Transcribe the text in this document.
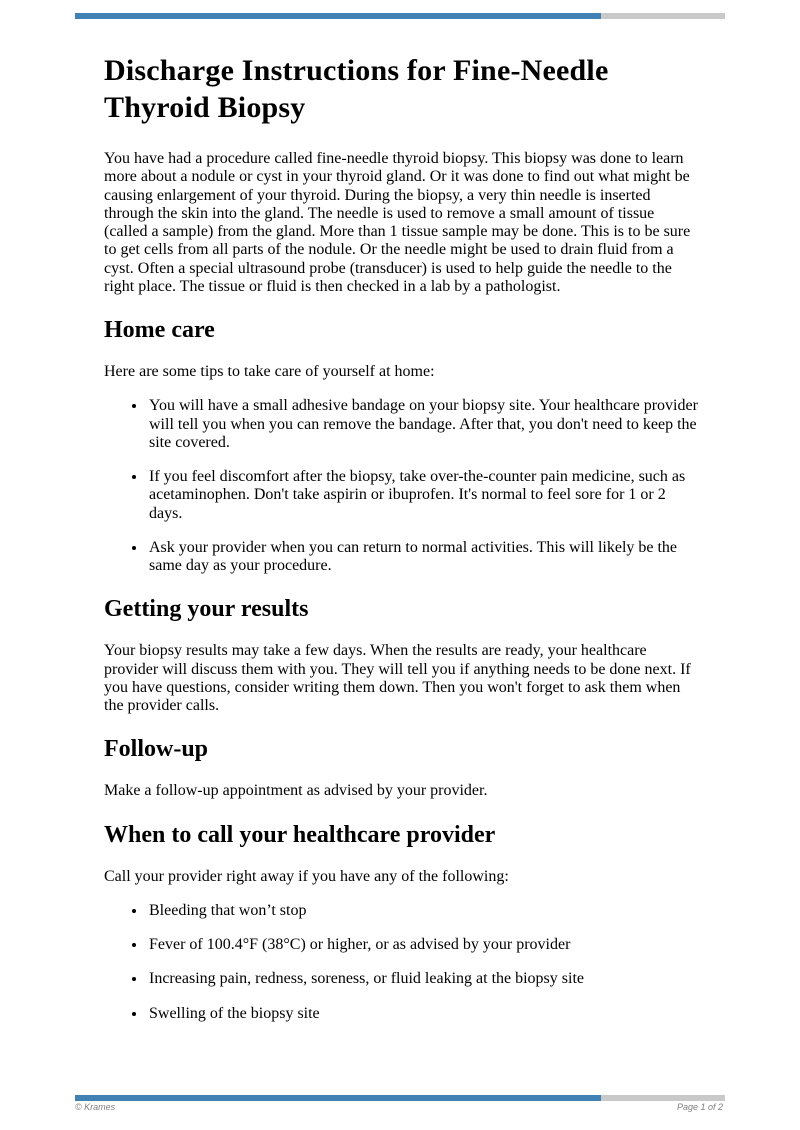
Discharge Instructions for Fine-Needle Thyroid Biopsy

You have had a procedure called fine-needle thyroid biopsy. This biopsy was done to learn more about a nodule or cyst in your thyroid gland. Or it was done to find out what might be causing enlargement of your thyroid. During the biopsy, a very thin needle is inserted through the skin into the gland. The needle is used to remove a small amount of tissue (called a sample) from the gland. More than 1 tissue sample may be done. This is to be sure to get cells from all parts of the nodule. Or the needle might be used to drain fluid from a cyst. Often a special ultrasound probe (transducer) is used to help guide the needle to the right place. The tissue or fluid is then checked in a lab by a pathologist.

Home care

Here are some tips to take care of yourself at home:

• You will have a small adhesive bandage on your biopsy site. Your healthcare provider will tell you when you can remove the bandage. After that, you don't need to keep the site covered.
• If you feel discomfort after the biopsy, take over-the-counter pain medicine, such as acetaminophen. Don't take aspirin or ibuprofen. It's normal to feel sore for 1 or 2 days.
• Ask your provider when you can return to normal activities. This will likely be the same day as your procedure.
Getting your results

Your biopsy results may take a few days. When the results are ready, your healthcare provider will discuss them with you. They will tell you if anything needs to be done next. If you have questions, consider writing them down. Then you won't forget to ask them when the provider calls.

Follow-up

Make a follow-up appointment as advised by your provider.

When to call your healthcare provider

Call your provider right away if you have any of the following:

• Bleeding that won’t stop
• Fever of 100.4°F (38°C) or higher, or as advised by your provider
• Increasing pain, redness, soreness, or fluid leaking at the biopsy site
• Swelling of the biopsy site
© Krames	Page 1 of 2
